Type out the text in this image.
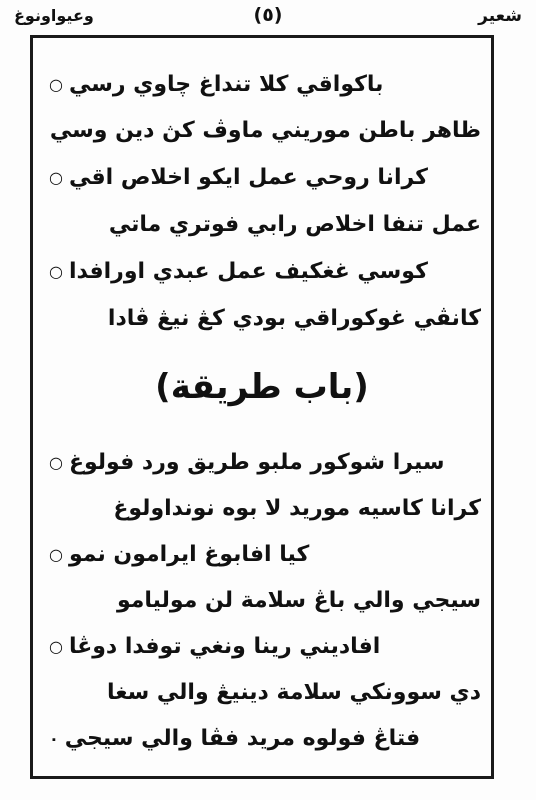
شعير
(٥)
وعيواونوغ
باكواقي كلا تنداغ چاوي رسي○
ظاهر باطن موريني ماوڤ كڽ دين وسي
كرانا روحي عمل ايكو اخلاص اقي○
عمل تنفا اخلاص رابي فوتري ماتي
كوسي غغكيف عمل عبدي اورافدا○
كانڤي غوكوراقي بودي كڠ نيڠ ڤادا
(باب طريقة)
سيرا شوكور ملبو طريق ورد فولوغ○
كرانا كاسيه موريد لا بوه نونداولوغ
كيا افابوغ ايرامون نمو○
سيجي والي باڠ سلامة لن موليامو
افاديني رينا ونغي توفدا دوڠا○
دي سوونكي سلامة دينيڠ والي سغا
فتاڠ فولوه مريد فڤا والي سيجي٠
